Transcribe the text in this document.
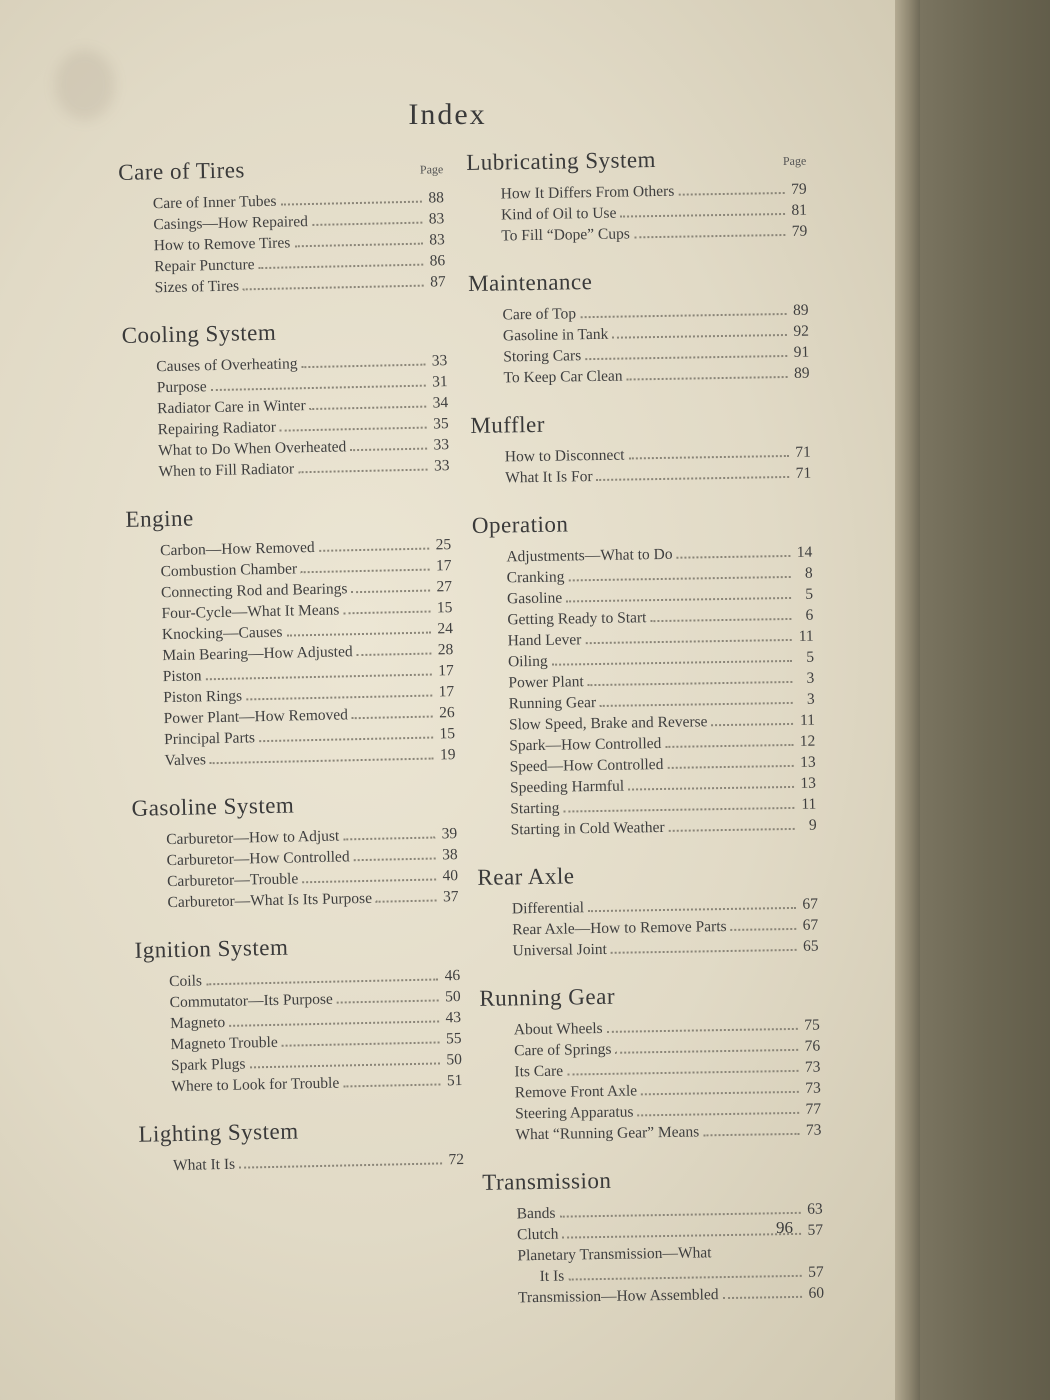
Index
Care of Tires	Page
Care of Inner Tubes	88
Casings—How Repaired	83
How to Remove Tires	83
Repair Puncture	86
Sizes of Tires	87
Cooling System
Causes of Overheating	33
Purpose	31
Radiator Care in Winter	34
Repairing Radiator	35
What to Do When Overheated	33
When to Fill Radiator	33
Engine
Carbon—How Removed	25
Combustion Chamber	17
Connecting Rod and Bearings	27
Four-Cycle—What It Means	15
Knocking—Causes	24
Main Bearing—How Adjusted	28
Piston	17
Piston Rings	17
Power Plant—How Removed	26
Principal Parts	15
Valves	19
Gasoline System
Carburetor—How to Adjust	39
Carburetor—How Controlled	38
Carburetor—Trouble	40
Carburetor—What Is Its Purpose	37
Ignition System
Coils	46
Commutator—Its Purpose	50
Magneto	43
Magneto Trouble	55
Spark Plugs	50
Where to Look for Trouble	51
Lighting System
What It Is	72
Lubricating System	Page
How It Differs From Others	79
Kind of Oil to Use	81
To Fill “Dope” Cups	79
Maintenance
Care of Top	89
Gasoline in Tank	92
Storing Cars	91
To Keep Car Clean	89
Muffler
How to Disconnect	71
What It Is For	71
Operation
Adjustments—What to Do	14
Cranking	8
Gasoline	5
Getting Ready to Start	6
Hand Lever	11
Oiling	5
Power Plant	3
Running Gear	3
Slow Speed, Brake and Reverse	11
Spark—How Controlled	12
Speed—How Controlled	13
Speeding Harmful	13
Starting	11
Starting in Cold Weather	9
Rear Axle
Differential	67
Rear Axle—How to Remove Parts	67
Universal Joint	65
Running Gear
About Wheels	75
Care of Springs	76
Its Care	73
Remove Front Axle	73
Steering Apparatus	77
What “Running Gear” Means	73
Transmission
Bands	63
Clutch	57
Planetary Transmission—What
It Is	57
Transmission—How Assembled	60
96
